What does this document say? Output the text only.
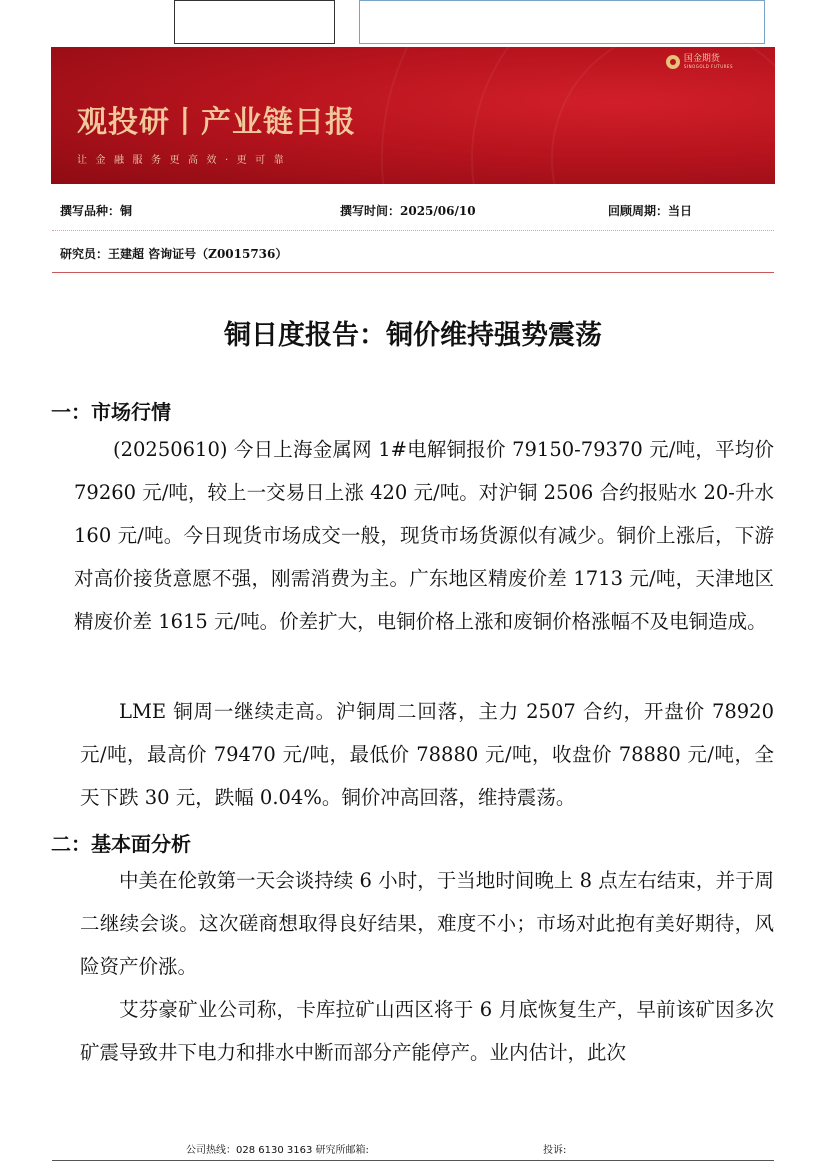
国金期货
SINOGOLD FUTURES
观投研丨产业链日报
让金融服务更高效·更可靠
撰写品种：铜	撰写时间：2025/06/10	回顾周期：当日
研究员：王建超 咨询证号（Z0015736）
铜日度报告：铜价维持强势震荡
一：市场行情

(20250610) 今日上海金属网 1#电解铜报价 79150-79370 元/吨，平均价 79260 元/吨，较上一交易日上涨 420 元/吨。对沪铜 2506 合约报贴水 20-升水 160 元/吨。今日现货市场成交一般，现货市场货源似有减少。铜价上涨后，下游对高价接货意愿不强，刚需消费为主。广东地区精废价差 1713 元/吨，天津地区精废价差 1615 元/吨。价差扩大，电铜价格上涨和废铜价格涨幅不及电铜造成。

LME 铜周一继续走高。沪铜周二回落，主力 2507 合约，开盘价 78920 元/吨，最高价 79470 元/吨，最低价 78880 元/吨，收盘价 78880 元/吨，全天下跌 30 元，跌幅 0.04%。铜价冲高回落，维持震荡。

二：基本面分析

中美在伦敦第一天会谈持续 6 小时，于当地时间晚上 8 点左右结束，并于周二继续会谈。这次磋商想取得良好结果，难度不小；市场对此抱有美好期待，风险资产价涨。

艾芬豪矿业公司称，卡库拉矿山西区将于 6 月底恢复生产，早前该矿因多次矿震导致井下电力和排水中断而部分产能停产。业内估计，此次

公司热线：028 6130 3163 研究所邮箱:	投诉:
